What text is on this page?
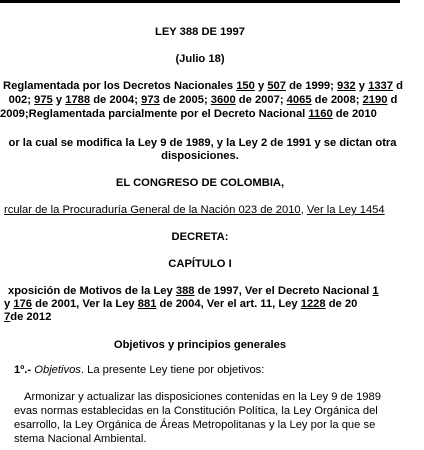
LEY 388 DE 1997
(Julio 18)
Reglamentada por los Decretos Nacionales 150 y 507 de 1999; 932 y 1337 d
002; 975 y 1788 de 2004; 973 de 2005; 3600 de 2007; 4065 de 2008; 2190 d
2009;Reglamentada parcialmente por el Decreto Nacional 1160 de 2010
or la cual se modifica la Ley 9 de 1989, y la Ley 2 de 1991 y se dictan otra
disposiciones.
EL CONGRESO DE COLOMBIA,
rcular de la Procuraduría General de la Nación 023 de 2010, Ver la Ley 1454
DECRETA:
CAPÍTULO I
xposición de Motivos de la Ley 388 de 1997, Ver el Decreto Nacional 1
y 176 de 2001, Ver la Ley 881 de 2004, Ver el art. 11, Ley 1228 de 20
7de 2012
Objetivos y principios generales
1º.- Objetivos. La presente Ley tiene por objetivos:
Armonizar y actualizar las disposiciones contenidas en la Ley 9 de 1989
evas normas establecidas en la Constitución Política, la Ley Orgánica del
esarrollo, la Ley Orgánica de Áreas Metropolitanas y la Ley por la que se
stema Nacional Ambiental.
